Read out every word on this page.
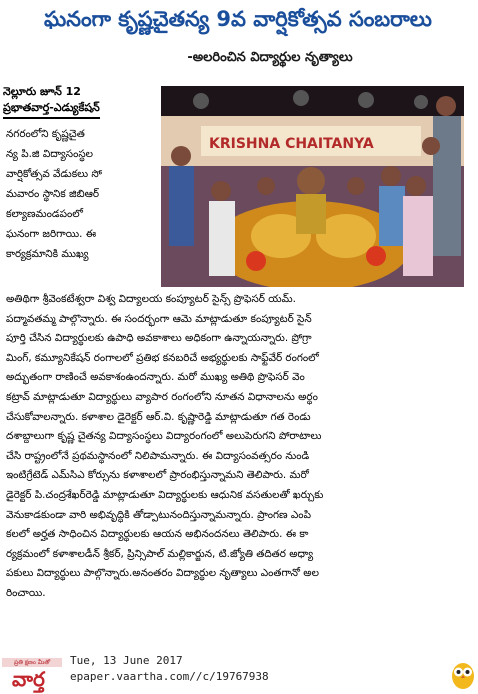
ఘనంగా కృష్ణచైతన్య 9వ వార్షికోత్సవ సంబరాలు
-అలరించిన విద్యార్థుల నృత్యాలు
నెల్లూరు జూన్ 12
ప్రభాతవార్త-ఎడ్యుకేషన్
KRISHNA CHAITANYA

నగరంలోని కృష్ణచైత

న్య పి.జి విద్యాసంస్థల

వార్షికోత్సవ వేడుకలు సో

మవారం స్థానిక జిబిఆర్

కల్యాణమండపంలో

ఘనంగా జరిగాయి. ఈ

కార్యక్రమానికి ముఖ్య

అతిథిగా శ్రీవెంకటేశ్వరా విశ్వ విద్యాలయ కంప్యూటర్ సైన్స్ ప్రొఫెసర్ యమ్.

పద్మావతమ్మ పాల్గొన్నారు. ఈ సందర్భంగా ఆమె మాట్లాడుతూ కంప్యూటర్ సైన్

పూర్తి చేసిన విద్యార్థులకు ఉపాధి అవకాశాలు అధికంగా ఉన్నాయన్నారు. ప్రోగ్రా

మింగ్, కమ్యూనికేషన్ రంగాలలో ప్రతిభ కనబరిచే అభ్యర్థులకు సాఫ్ట్‌వేర్ రంగంలో

అద్భుతంగా రాణించే అవకాశంఉందన్నారు. మరో ముఖ్య అతిథి ప్రొఫెసర్ వెం

కట్రావ్ మాట్లాడుతూ విద్యార్థులు వ్యాపార రంగంలోని నూతన విధానాలను అర్థం

చేసుకోవాలన్నారు. కళాశాల డైరెక్టర్ ఆర్.వి. కృష్ణారెడ్డి మాట్లాడుతూ గత రెండు

దశాబ్దాలుగా కృష్ణ చైతన్య విద్యాసంస్థలు విద్యారంగంలో అలుపెరుగని పోరాటాలు

చేసి రాష్ట్రంలోనే ప్రథమస్థానంలో నిలిపామన్నారు. ఈ విద్యాసంవత్సరం నుండి

ఇంటిగ్రేటెడ్ ఎమ్‌సిఎ కోర్సును కళాశాలలో ప్రారంభిస్తున్నామని తెలిపారు. మరో

డైరెక్టర్ పి.చంద్రశేఖర్‌రెడ్డి మాట్లాడుతూ విద్యార్థులకు ఆధునిక వసతులతో ఖర్చుకు

వెనుకాడకుండా వారి అభివృద్ధికి తోడ్పాటునందిస్తున్నామన్నారు. ప్రాంగణ ఎంపి

కలలో అర్హత సాధించిన విద్యార్థులకు ఆయన అభినందనలు తెలిపారు. ఈ కా

ర్యక్రమంలో కళాశాలడీన్ శ్రీకర్, ప్రిన్సిపాల్ మల్లికార్జున, టి.జ్యోతి తదితర అధ్యా

పకులు విద్యార్థులు పాల్గొన్నారు.అనంతరం విద్యార్థుల నృత్యాలు ఎంతగానో అల

రించాయి.

ప్రతి క్షణం మీతో
వార్త
Tue, 13 June 2017
epaper.vaartha.com//c/19767938
